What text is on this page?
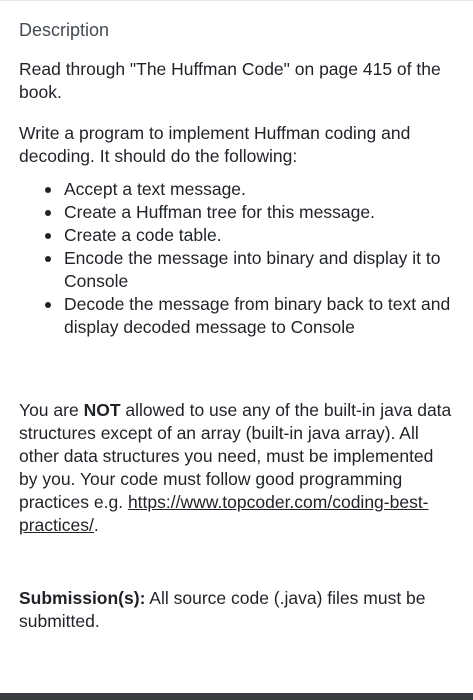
Description

Read through "The Huffman Code" on page 415 of the book.

Write a program to implement Huffman coding and decoding. It should do the following:

Accept a text message.
Create a Huffman tree for this message.
Create a code table.
Encode the message into binary and display it to Console
Decode the message from binary back to text and display decoded message to Console

You are NOT allowed to use any of the built-in java data structures except of an array (built-in java array). All other data structures you need, must be implemented by you. Your code must follow good programming practices e.g. https://www.topcoder.com/coding-best-practices/.

Submission(s): All source code (.java) files must be submitted.
